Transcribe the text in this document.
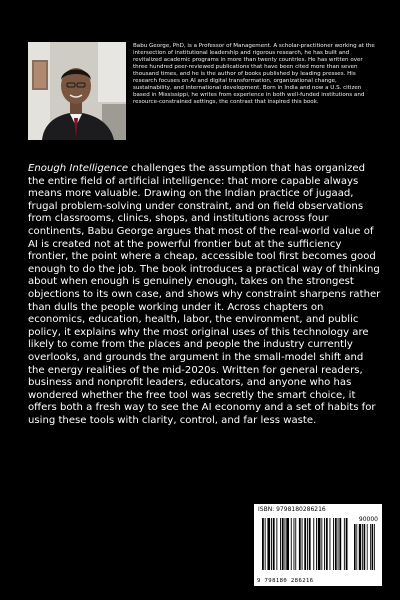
Babu George, PhD, is a Professor of Management. A scholar-practitioner working at the intersection of institutional leadership and rigorous research, he has built and revitalized academic programs in more than twenty countries. He has written over three hundred peer-reviewed publications that have been cited more than seven thousand times, and he is the author of books published by leading presses. His research focuses on AI and digital transformation, organizational change, sustainability, and international development. Born in India and now a U.S. citizen based in Mississippi, he writes from experience in both well-funded institutions and resource-constrained settings, the contrast that inspired this book.

Enough Intelligence challenges the assumption that has organized the entire field of artificial intelligence: that more capable always means more valuable. Drawing on the Indian practice of jugaad, frugal problem-solving under constraint, and on field observations from classrooms, clinics, shops, and institutions across four continents, Babu George argues that most of the real-world value of AI is created not at the powerful frontier but at the sufficiency frontier, the point where a cheap, accessible tool first becomes good enough to do the job. The book introduces a practical way of thinking about when enough is genuinely enough, takes on the strongest objections to its own case, and shows why constraint sharpens rather than dulls the people working under it. Across chapters on economics, education, health, labor, the environment, and public policy, it explains why the most original uses of this technology are likely to come from the places and people the industry currently overlooks, and grounds the argument in the small-model shift and the energy realities of the mid-2020s. Written for general readers, business and nonprofit leaders, educators, and anyone who has wondered whether the free tool was secretly the smart choice, it offers both a fresh way to see the AI economy and a set of habits for using these tools with clarity, control, and far less waste.

ISBN: 9798180286216
90000
9 798180 286216
